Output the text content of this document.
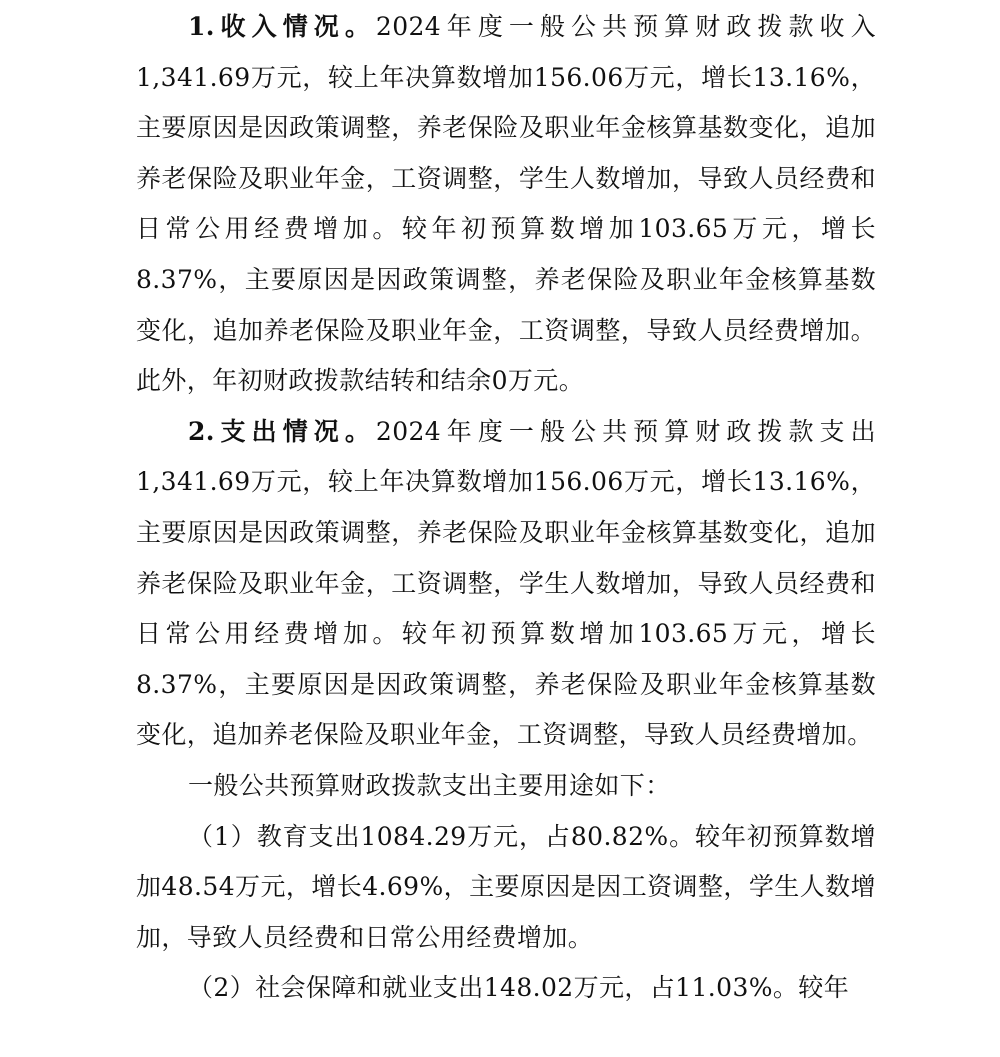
1.收入情况。2024年度一般公共预算财政拨款收入1,341.69万元，较上年决算数增加156.06万元，增长13.16%，主要原因是因政策调整，养老保险及职业年金核算基数变化，追加养老保险及职业年金，工资调整，学生人数增加，导致人员经费和日常公用经费增加。较年初预算数增加103.65万元，增长8.37%，主要原因是因政策调整，养老保险及职业年金核算基数变化，追加养老保险及职业年金，工资调整，导致人员经费增加。此外，年初财政拨款结转和结余0万元。

2.支出情况。2024年度一般公共预算财政拨款支出1,341.69万元，较上年决算数增加156.06万元，增长13.16%，主要原因是因政策调整，养老保险及职业年金核算基数变化，追加养老保险及职业年金，工资调整，学生人数增加，导致人员经费和日常公用经费增加。较年初预算数增加103.65万元，增长8.37%，主要原因是因政策调整，养老保险及职业年金核算基数变化，追加养老保险及职业年金，工资调整，导致人员经费增加。

一般公共预算财政拨款支出主要用途如下：

（1）教育支出1084.29万元，占80.82%。较年初预算数增加48.54万元，增长4.69%，主要原因是因工资调整，学生人数增加，导致人员经费和日常公用经费增加。

（2）社会保障和就业支出148.02万元，占11.03%。较年
